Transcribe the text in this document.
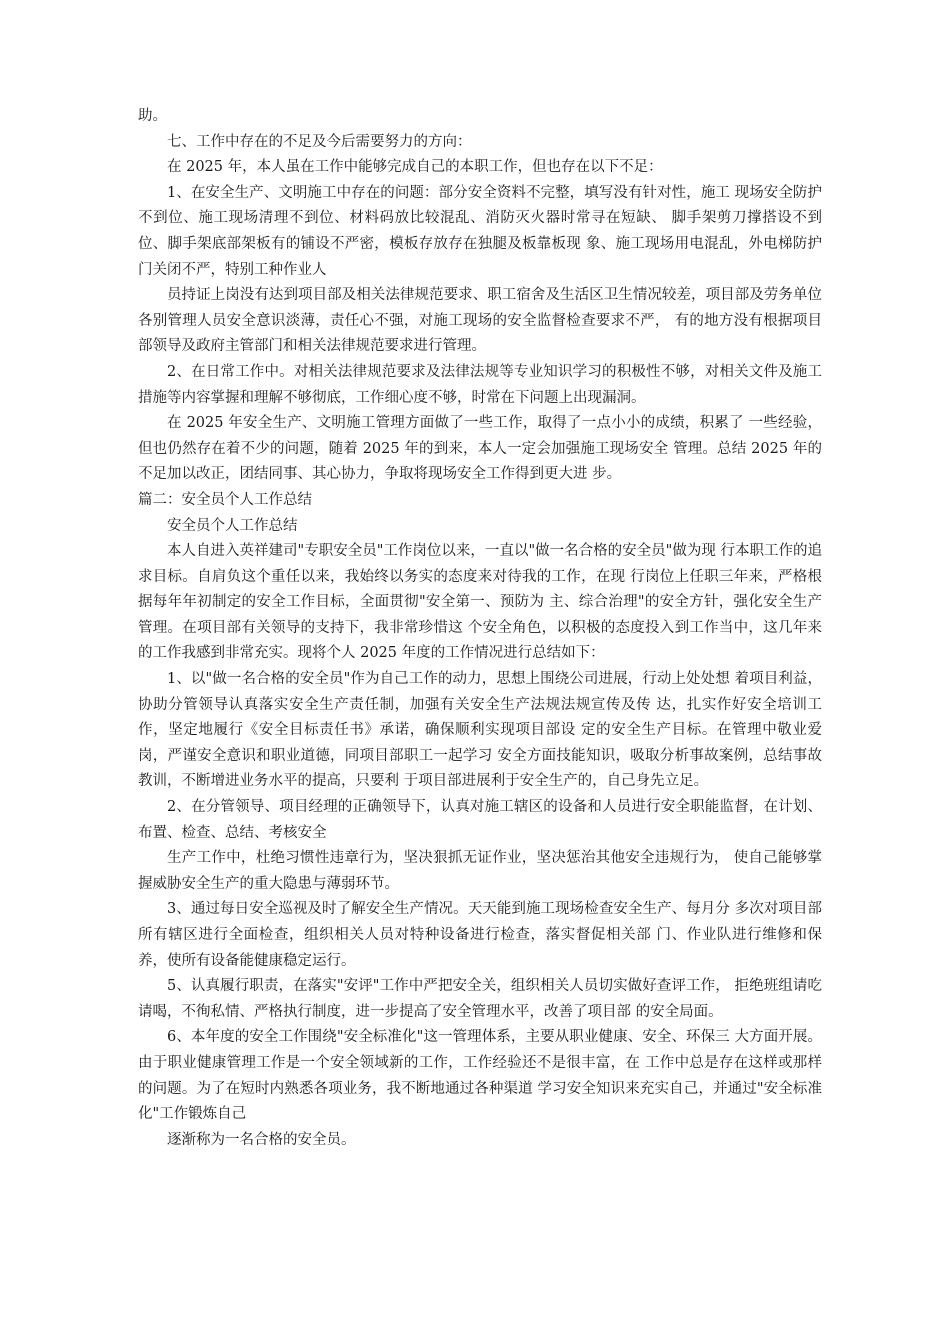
助。

七、工作中存在的不足及今后需要努力的方向：

在 2025 年，本人虽在工作中能够完成自己的本职工作，但也存在以下不足：

1、在安全生产、文明施工中存在的问题：部分安全资料不完整，填写没有针对性，施工 现场安全防护不到位、施工现场清理不到位、材料码放比较混乱、消防灭火器时常寻在短缺、 脚手架剪刀撑搭设不到位、脚手架底部架板有的铺设不严密，模板存放存在独腿及板靠板现 象、施工现场用电混乱，外电梯防护门关闭不严，特别工种作业人

员持证上岗没有达到项目部及相关法律规范要求、职工宿舍及生活区卫生情况较差，项目部及劳务单位各别管理人员安全意识淡薄，责任心不强，对施工现场的安全监督检查要求不严， 有的地方没有根据项目部领导及政府主管部门和相关法律规范要求进行管理。

2、在日常工作中。对相关法律规范要求及法律法规等专业知识学习的积极性不够，对相关文件及施工措施等内容掌握和理解不够彻底，工作细心度不够，时常在下问题上出现漏洞。

在 2025 年安全生产、文明施工管理方面做了一些工作，取得了一点小小的成绩，积累了 一些经验，但也仍然存在着不少的问题，随着 2025 年的到来，本人一定会加强施工现场安全 管理。总结 2025 年的不足加以改正，团结同事、其心协力，争取将现场安全工作得到更大进 步。

篇二：安全员个人工作总结

安全员个人工作总结

本人自进入英祥建司"专职安全员"工作岗位以来，一直以"做一名合格的安全员"做为现 行本职工作的追求目标。自肩负这个重任以来，我始终以务实的态度来对待我的工作，在现 行岗位上任职三年来，严格根据每年年初制定的安全工作目标，全面贯彻"安全第一、预防为 主、综合治理"的安全方针，强化安全生产管理。在项目部有关领导的支持下，我非常珍惜这 个安全角色，以积极的态度投入到工作当中，这几年来的工作我感到非常充实。现将个人 2025 年度的工作情况进行总结如下：

1、以"做一名合格的安全员"作为自己工作的动力，思想上围绕公司进展，行动上处处想 着项目利益，协助分管领导认真落实安全生产责任制，加强有关安全生产法规法规宣传及传 达，扎实作好安全培训工作，坚定地履行《安全目标责任书》承诺，确保顺利实现项目部设 定的安全生产目标。在管理中敬业爱岗，严谨安全意识和职业道德，同项目部职工一起学习 安全方面技能知识，吸取分析事故案例，总结事故教训，不断增进业务水平的提高，只要利 于项目部进展利于安全生产的，自己身先立足。

2、在分管领导、项目经理的正确领导下，认真对施工辖区的设备和人员进行安全职能监督，在计划、布置、检查、总结、考核安全

生产工作中，杜绝习惯性违章行为，坚决狠抓无证作业，坚决惩治其他安全违规行为， 使自己能够掌握威胁安全生产的重大隐患与薄弱环节。

3、通过每日安全巡视及时了解安全生产情况。天天能到施工现场检查安全生产、每月分 多次对项目部所有辖区进行全面检查，组织相关人员对特种设备进行检查，落实督促相关部 门、作业队进行维修和保养，使所有设备能健康稳定运行。

5、认真履行职责，在落实"安评"工作中严把安全关，组织相关人员切实做好查评工作， 拒绝班组请吃请喝，不徇私情、严格执行制度，进一步提高了安全管理水平，改善了项目部 的安全局面。

6、本年度的安全工作围绕"安全标准化"这一管理体系，主要从职业健康、安全、环保三 大方面开展。由于职业健康管理工作是一个安全领域新的工作，工作经验还不是很丰富，在 工作中总是存在这样或那样的问题。为了在短时内熟悉各项业务，我不断地通过各种渠道 学习安全知识来充实自己，并通过"安全标准化"工作锻炼自己

逐渐称为一名合格的安全员。
